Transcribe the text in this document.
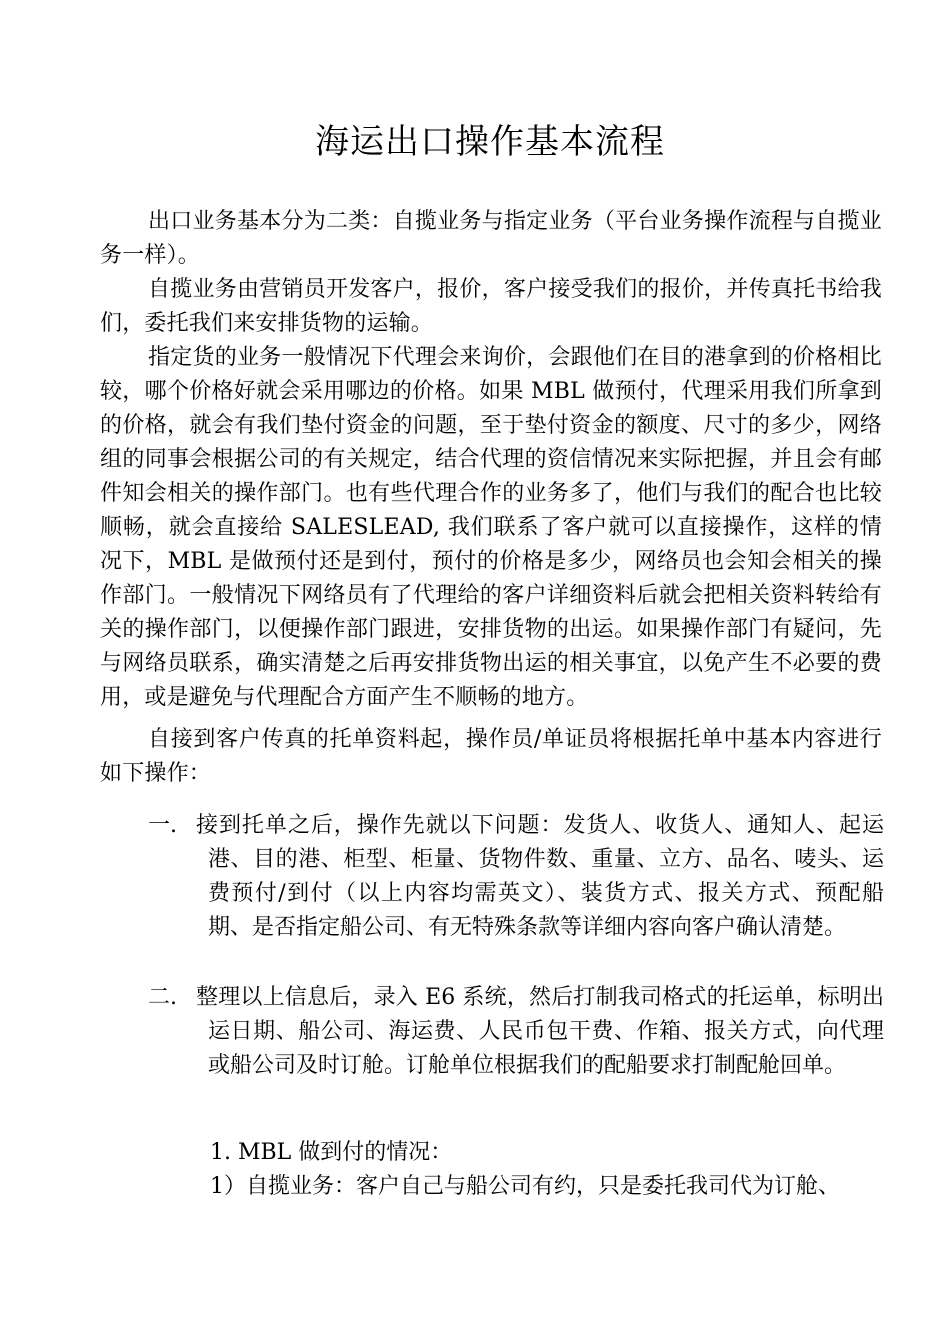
海运出口操作基本流程

出口业务基本分为二类：自揽业务与指定业务（平台业务操作流程与自揽业务一样）。

自揽业务由营销员开发客户，报价，客户接受我们的报价，并传真托书给我们，委托我们来安排货物的运输。

指定货的业务一般情况下代理会来询价，会跟他们在目的港拿到的价格相比较，哪个价格好就会采用哪边的价格。如果 MBL 做预付，代理采用我们所拿到的价格，就会有我们垫付资金的问题，至于垫付资金的额度、尺寸的多少，网络组的同事会根据公司的有关规定，结合代理的资信情况来实际把握，并且会有邮件知会相关的操作部门。也有些代理合作的业务多了，他们与我们的配合也比较顺畅，就会直接给 SALESLEAD, 我们联系了客户就可以直接操作，这样的情况下，MBL 是做预付还是到付，预付的价格是多少，网络员也会知会相关的操作部门。一般情况下网络员有了代理给的客户详细资料后就会把相关资料转给有关的操作部门，以便操作部门跟进，安排货物的出运。如果操作部门有疑问，先与网络员联系，确实清楚之后再安排货物出运的相关事宜，以免产生不必要的费用，或是避免与代理配合方面产生不顺畅的地方。

自接到客户传真的托单资料起，操作员/单证员将根据托单中基本内容进行如下操作：

一. 接到托单之后，操作先就以下问题：发货人、收货人、通知人、起运港、目的港、柜型、柜量、货物件数、重量、立方、品名、唛头、运费预付/到付（以上内容均需英文）、装货方式、报关方式、预配船期、是否指定船公司、有无特殊条款等详细内容向客户确认清楚。
二. 整理以上信息后，录入 E6 系统，然后打制我司格式的托运单，标明出运日期、船公司、海运费、人民币包干费、作箱、报关方式，向代理或船公司及时订舱。订舱单位根据我们的配船要求打制配舱回单。
1. MBL 做到付的情况：
1）自揽业务：客户自己与船公司有约，只是委托我司代为订舱、
